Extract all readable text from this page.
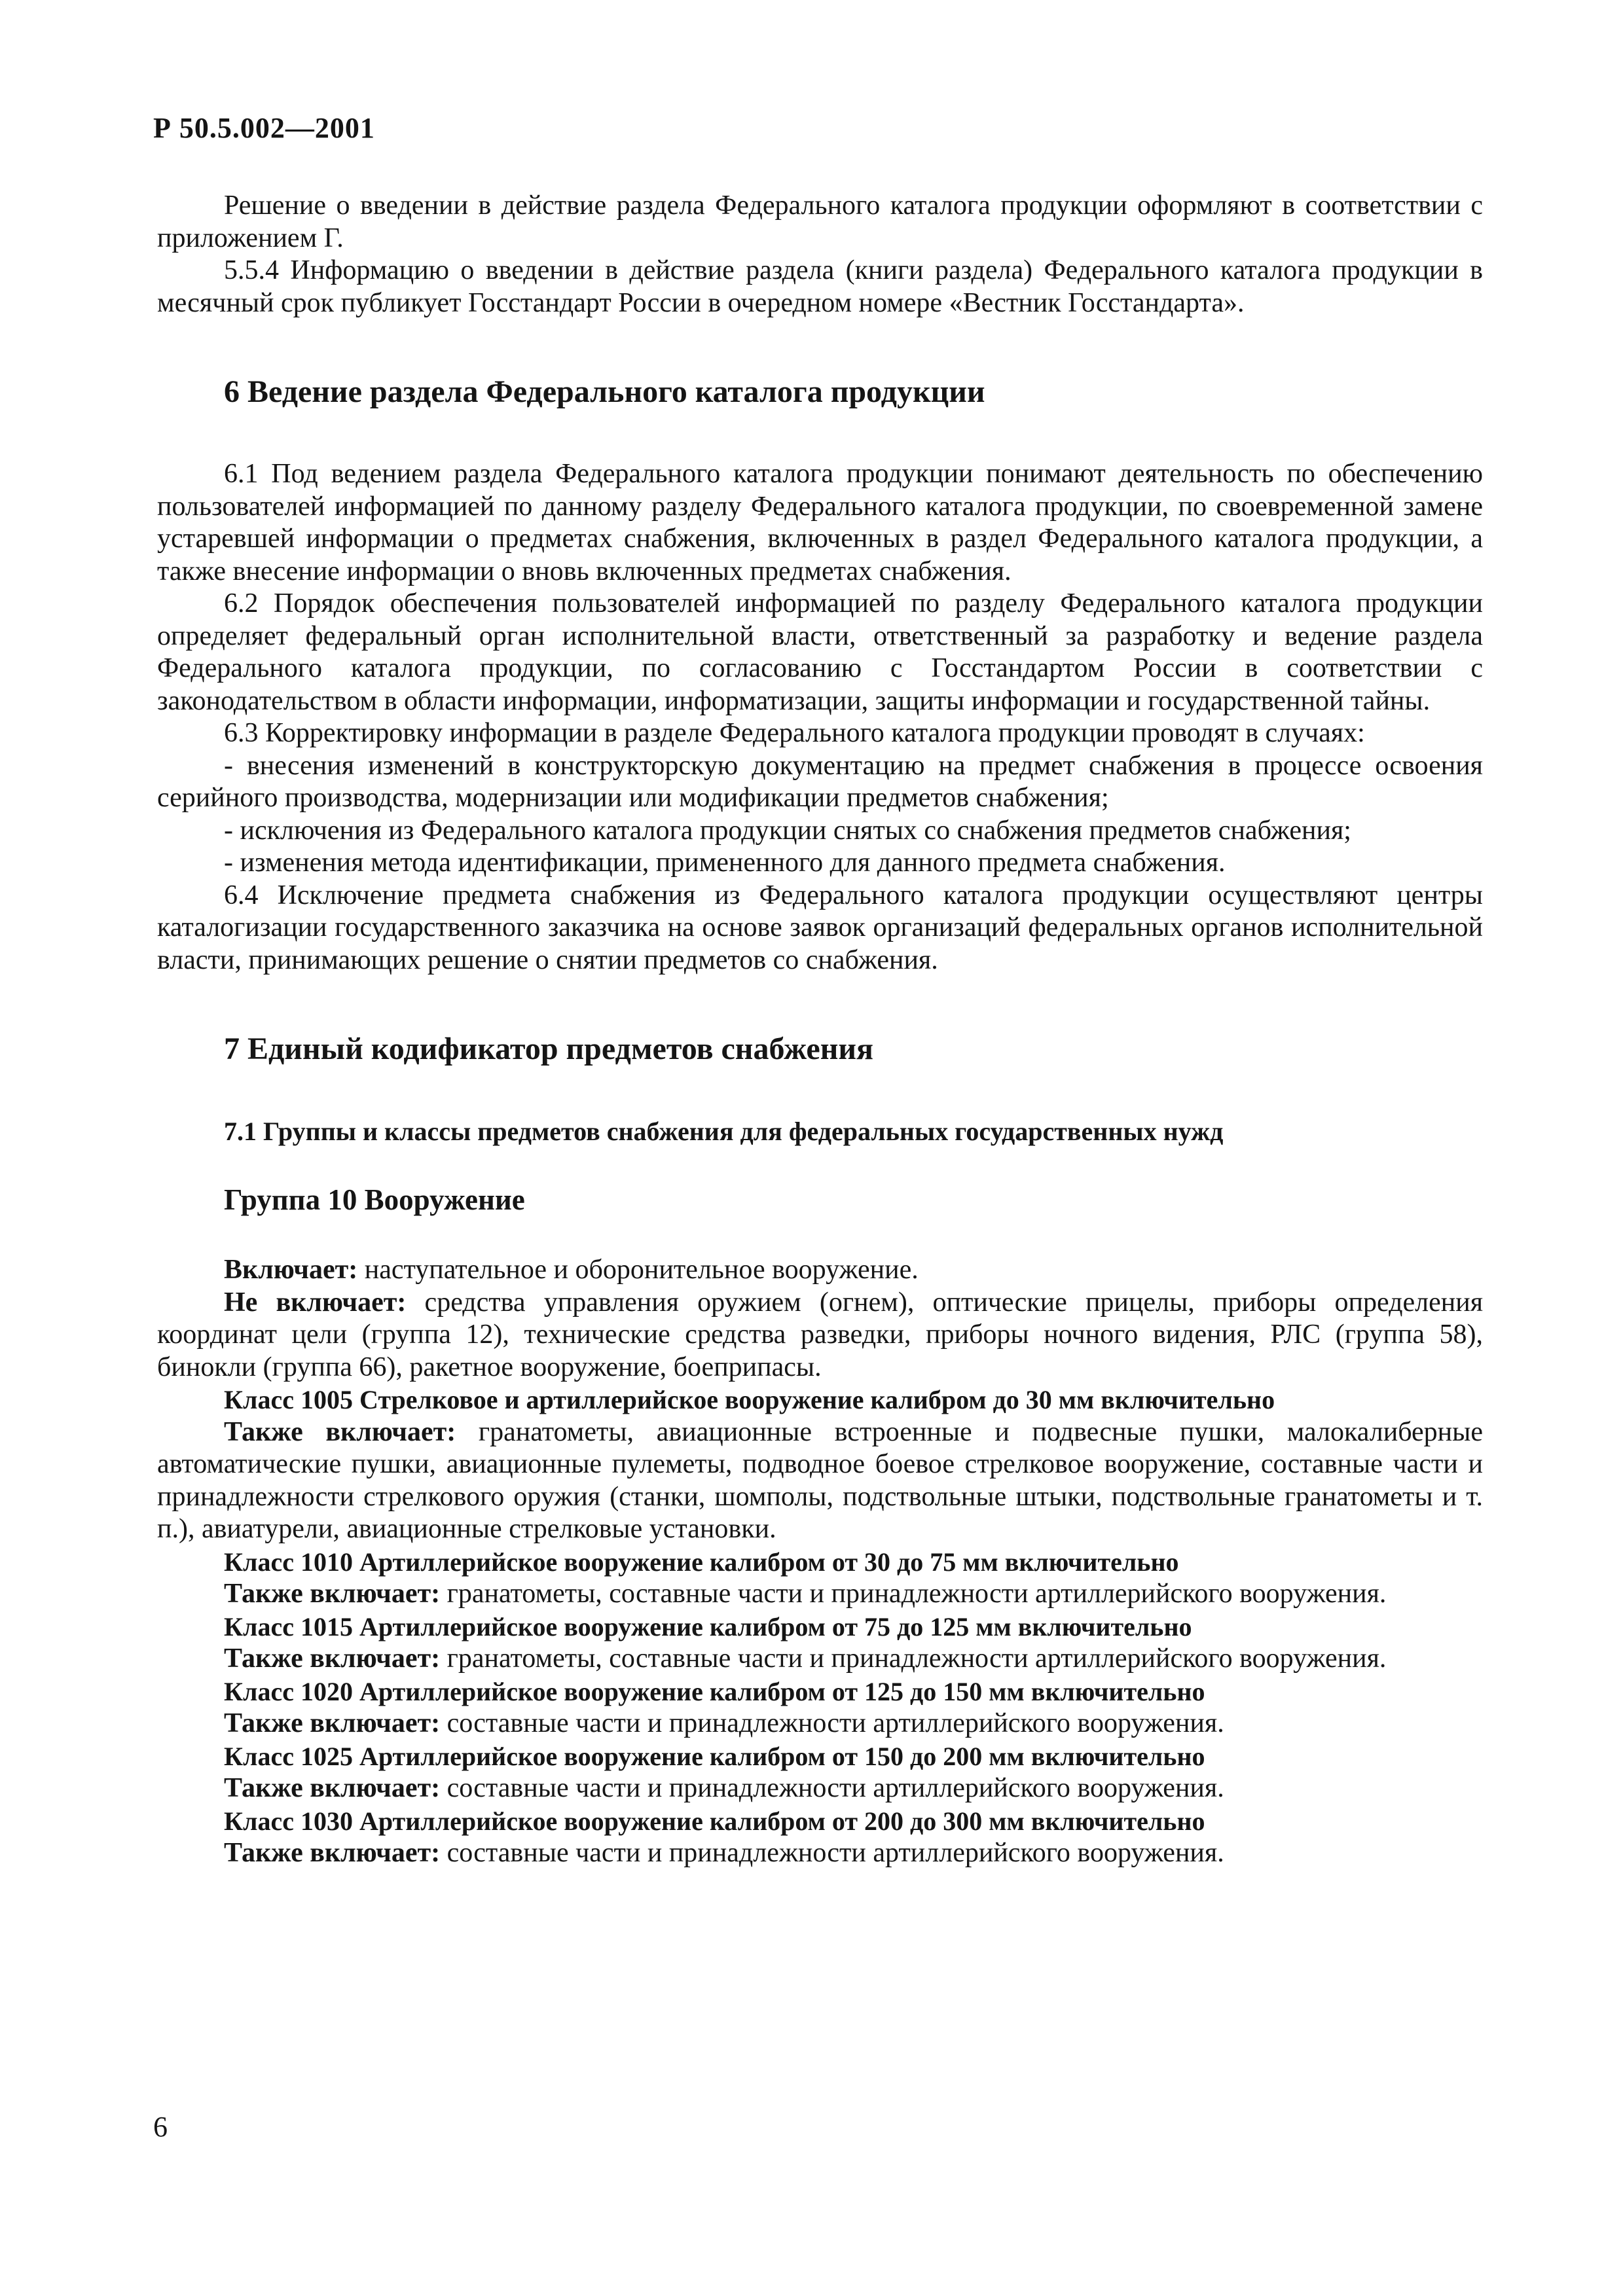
Р 50.5.002—2001

Решение о введении в действие раздела Федерального каталога продукции оформляют в соответствии с приложением Г.

5.5.4 Информацию о введении в действие раздела (книги раздела) Федерального каталога продукции в месячный срок публикует Госстандарт России в очередном номере «Вестник Госстандарта».

6 Ведение раздела Федерального каталога продукции

6.1 Под ведением раздела Федерального каталога продукции понимают деятельность по обеспечению пользователей информацией по данному разделу Федерального каталога продукции, по своевременной замене устаревшей информации о предметах снабжения, включенных в раздел Федерального каталога продукции, а также внесение информации о вновь включенных предметах снабжения.

6.2 Порядок обеспечения пользователей информацией по разделу Федерального каталога продукции определяет федеральный орган исполнительной власти, ответственный за разработку и ведение раздела Федерального каталога продукции, по согласованию с Госстандартом России в соответствии с законодательством в области информации, информатизации, защиты информации и государственной тайны.

6.3 Корректировку информации в разделе Федерального каталога продукции проводят в случаях:

- внесения изменений в конструкторскую документацию на предмет снабжения в процессе освоения серийного производства, модернизации или модификации предметов снабжения;

- исключения из Федерального каталога продукции снятых со снабжения предметов снабжения;

- изменения метода идентификации, примененного для данного предмета снабжения.

6.4 Исключение предмета снабжения из Федерального каталога продукции осуществляют центры каталогизации государственного заказчика на основе заявок организаций федеральных органов исполнительной власти, принимающих решение о снятии предметов со снабжения.

7 Единый кодификатор предметов снабжения
7.1 Группы и классы предметов снабжения для федеральных государственных нужд
Группа 10 Вооружение

Включает: наступательное и оборонительное вооружение.

Не включает: средства управления оружием (огнем), оптические прицелы, приборы определения координат цели (группа 12), технические средства разведки, приборы ночного видения, РЛС (группа 58), бинокли (группа 66), ракетное вооружение, боеприпасы.

Класс 1005 Стрелковое и артиллерийское вооружение калибром до 30 мм включительно

Также включает: гранатометы, авиационные встроенные и подвесные пушки, малокалиберные автоматические пушки, авиационные пулеметы, подводное боевое стрелковое вооружение, составные части и принадлежности стрелкового оружия (станки, шомполы, подствольные штыки, подствольные гранатометы и т. п.), авиатурели, авиационные стрелковые установки.

Класс 1010 Артиллерийское вооружение калибром от 30 до 75 мм включительно

Также включает: гранатометы, составные части и принадлежности артиллерийского вооружения.

Класс 1015 Артиллерийское вооружение калибром от 75 до 125 мм включительно

Также включает: гранатометы, составные части и принадлежности артиллерийского вооружения.

Класс 1020 Артиллерийское вооружение калибром от 125 до 150 мм включительно

Также включает: составные части и принадлежности артиллерийского вооружения.

Класс 1025 Артиллерийское вооружение калибром от 150 до 200 мм включительно

Также включает: составные части и принадлежности артиллерийского вооружения.

Класс 1030 Артиллерийское вооружение калибром от 200 до 300 мм включительно

Также включает: составные части и принадлежности артиллерийского вооружения.

6
